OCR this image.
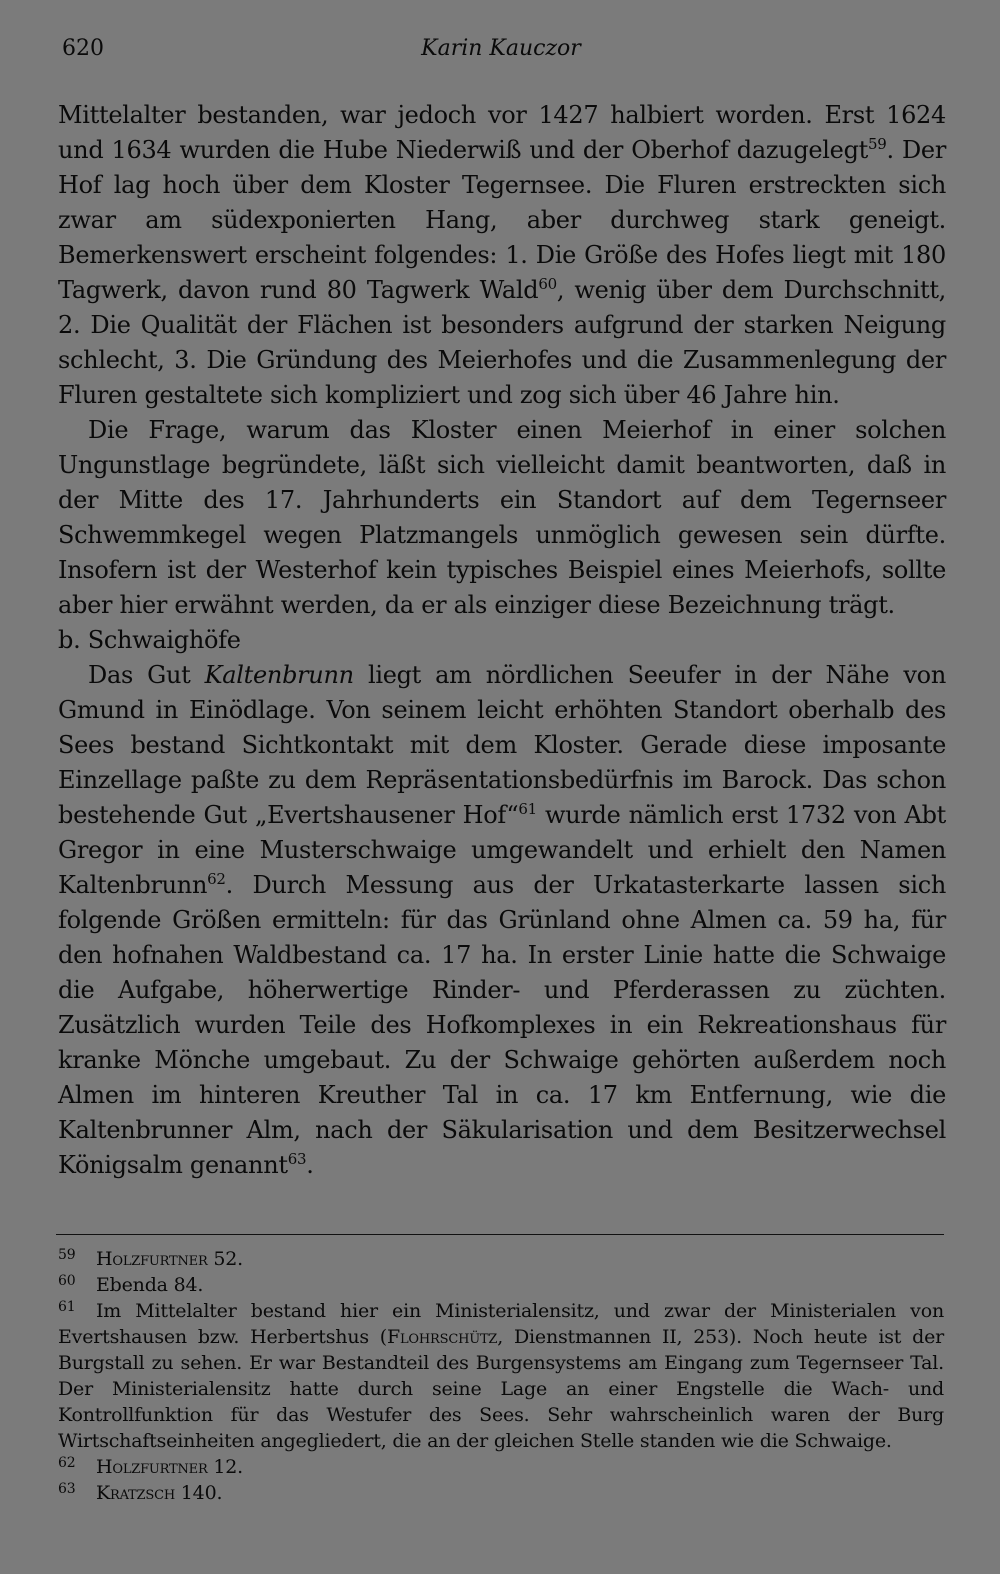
620	Karin Kauczor

Mittelalter bestanden, war jedoch vor 1427 halbiert worden. Erst 1624 und 1634 wurden die Hube Niederwiß und der Oberhof dazugelegt$^{59}$. Der Hof lag hoch über dem Kloster Tegernsee. Die Fluren erstreckten sich zwar am südexponierten Hang, aber durchweg stark geneigt. Bemerkenswert erscheint folgendes: 1. Die Größe des Hofes liegt mit 180 Tagwerk, davon rund 80 Tagwerk Wald$^{60}$, wenig über dem Durchschnitt, 2. Die Qualität der Flächen ist besonders aufgrund der starken Neigung schlecht, 3. Die Gründung des Meierhofes und die Zusammenlegung der Fluren gestaltete sich kompliziert und zog sich über 46 Jahre hin.

Die Frage, warum das Kloster einen Meierhof in einer solchen Ungunstlage begründete, läßt sich vielleicht damit beantworten, daß in der Mitte des 17. Jahrhunderts ein Standort auf dem Tegernseer Schwemmkegel wegen Platzmangels unmöglich gewesen sein dürfte. Insofern ist der Westerhof kein typisches Beispiel eines Meierhofs, sollte aber hier erwähnt werden, da er als einziger diese Bezeichnung trägt.

b. Schwaighöfe

Das Gut Kaltenbrunn liegt am nördlichen Seeufer in der Nähe von Gmund in Einödlage. Von seinem leicht erhöhten Standort oberhalb des Sees bestand Sichtkontakt mit dem Kloster. Gerade diese imposante Einzellage paßte zu dem Repräsentationsbedürfnis im Barock. Das schon bestehende Gut „Evertshausener Hof“$^{61}$ wurde nämlich erst 1732 von Abt Gregor in eine Musterschwaige umgewandelt und erhielt den Namen Kaltenbrunn$^{62}$. Durch Messung aus der Urkatasterkarte lassen sich folgende Größen ermitteln: für das Grünland ohne Almen ca. 59 ha, für den hofnahen Waldbestand ca. 17 ha. In erster Linie hatte die Schwaige die Aufgabe, höherwertige Rinder- und Pferderassen zu züchten. Zusätzlich wurden Teile des Hofkomplexes in ein Rekreationshaus für kranke Mönche umgebaut. Zu der Schwaige gehörten außerdem noch Almen im hinteren Kreuther Tal in ca. 17 km Entfernung, wie die Kaltenbrunner Alm, nach der Säkularisation und dem Besitzerwechsel Königsalm genannt$^{63}$.

59 Holzfurtner 52.

60 Ebenda 84.

61 Im Mittelalter bestand hier ein Ministerialensitz, und zwar der Ministerialen von Evertshausen bzw. Herbertshus (Flohrschütz, Dienstmannen II, 253). Noch heute ist der Burgstall zu sehen. Er war Bestandteil des Burgensystems am Eingang zum Tegernseer Tal. Der Ministerialensitz hatte durch seine Lage an einer Engstelle die Wach- und Kontrollfunktion für das Westufer des Sees. Sehr wahrscheinlich waren der Burg Wirtschaftseinheiten angegliedert, die an der gleichen Stelle standen wie die Schwaige.

62 Holzfurtner 12.

63 Kratzsch 140.
